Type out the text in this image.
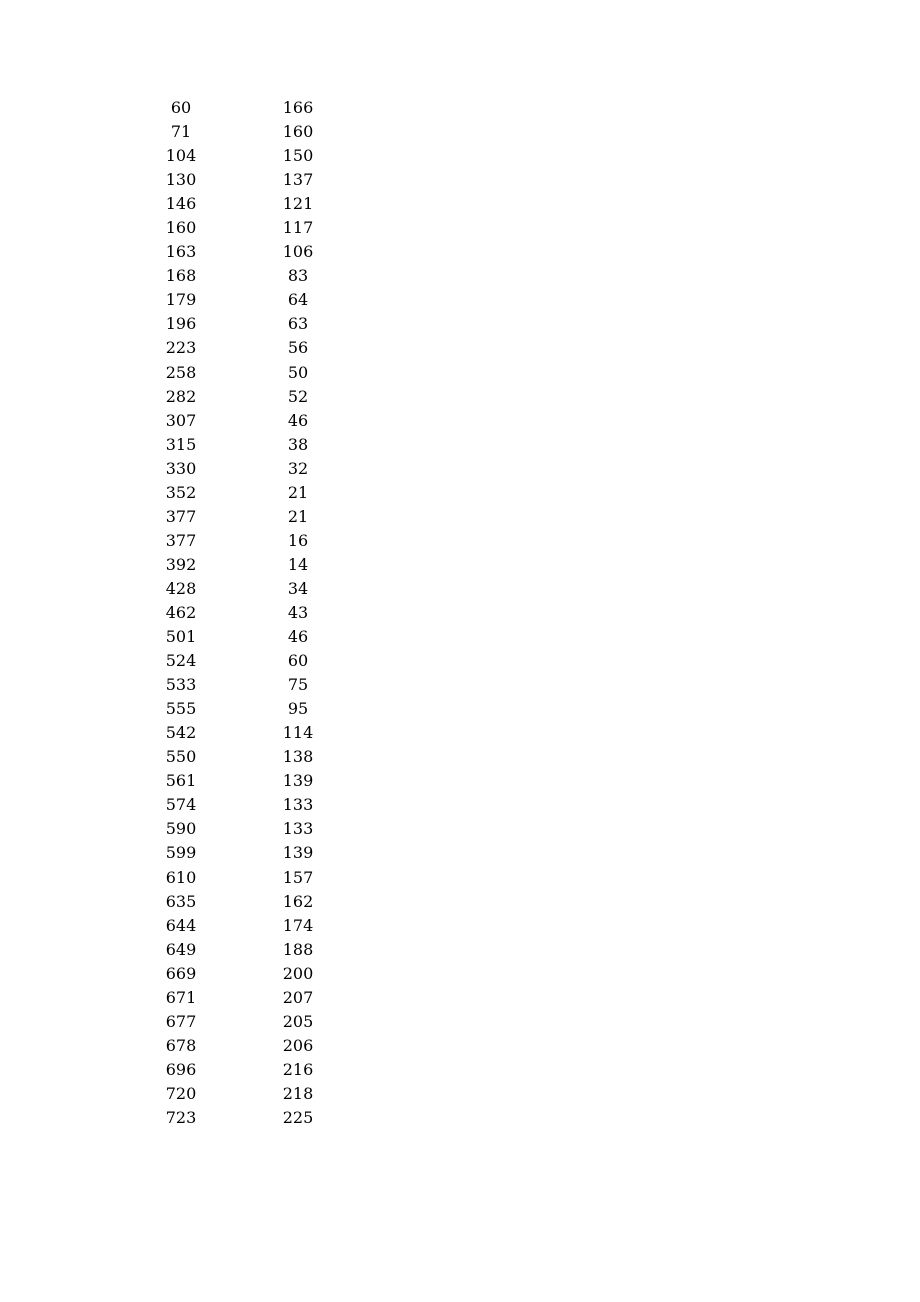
60	166
71	160
104	150
130	137
146	121
160	117
163	106
168	83
179	64
196	63
223	56
258	50
282	52
307	46
315	38
330	32
352	21
377	21
377	16
392	14
428	34
462	43
501	46
524	60
533	75
555	95
542	114
550	138
561	139
574	133
590	133
599	139
610	157
635	162
644	174
649	188
669	200
671	207
677	205
678	206
696	216
720	218
723	225
